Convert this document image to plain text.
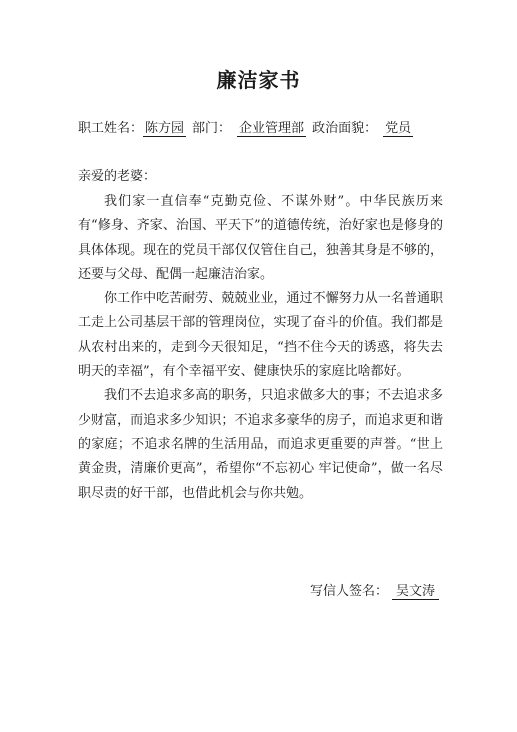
廉洁家书
职工姓名： 陈方园 部门： 企业管理部 政治面貌： 党员
亲爱的老婆：

我们家一直信奉“克勤克俭、不谋外财”。中华民族历来有“修身、齐家、治国、平天下”的道德传统，治好家也是修身的具体体现。现在的党员干部仅仅管住自己，独善其身是不够的，还要与父母、配偶一起廉洁治家。

你工作中吃苦耐劳、兢兢业业，通过不懈努力从一名普通职工走上公司基层干部的管理岗位，实现了奋斗的价值。我们都是从农村出来的，走到今天很知足，“挡不住今天的诱惑，将失去明天的幸福”，有个幸福平安、健康快乐的家庭比啥都好。

我们不去追求多高的职务，只追求做多大的事；不去追求多少财富，而追求多少知识；不追求多豪华的房子，而追求更和谐的家庭；不追求名牌的生活用品，而追求更重要的声誉。“世上黄金贵，清廉价更高”，希望你“不忘初心 牢记使命”，做一名尽职尽责的好干部，也借此机会与你共勉。

写信人签名： 吴文涛
